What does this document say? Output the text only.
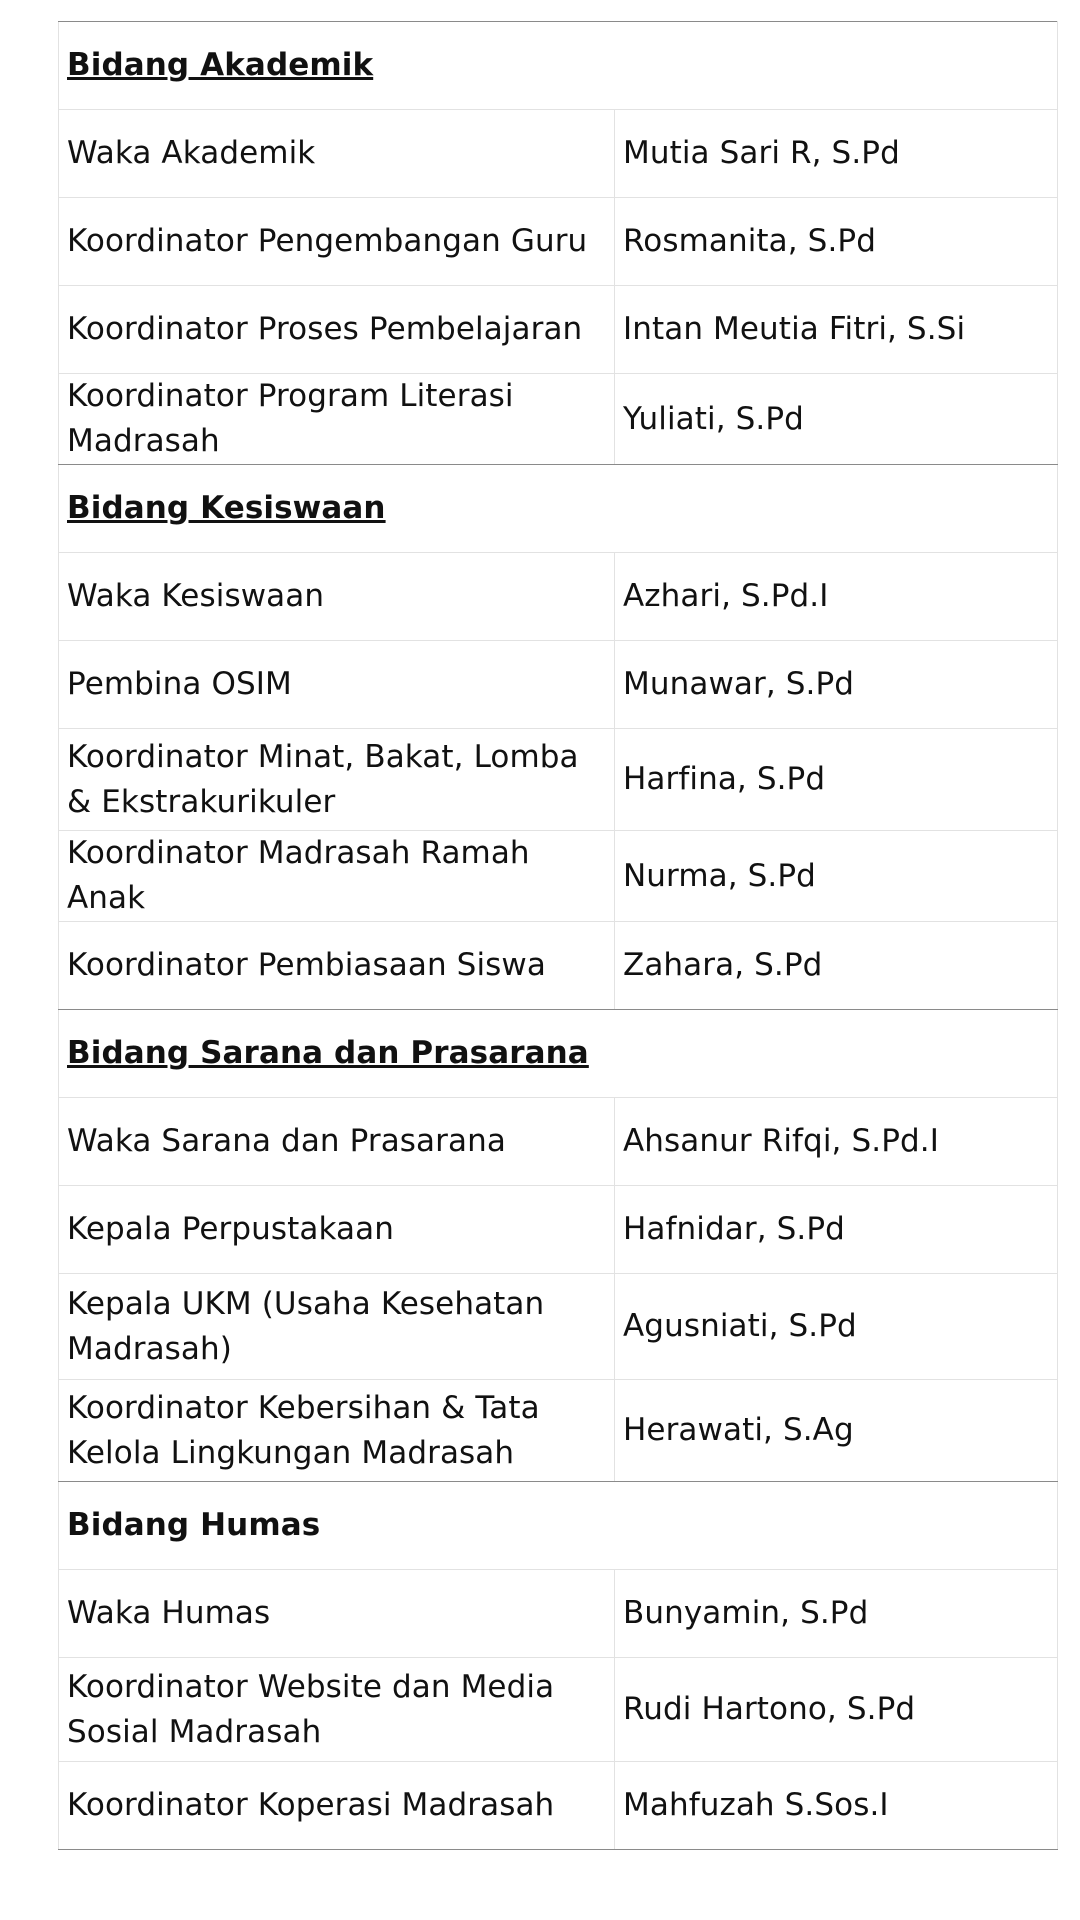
Bidang Akademik	
Waka Akademik	Mutia Sari R, S.Pd
Koordinator Pengembangan Guru	Rosmanita, S.Pd
Koordinator Proses Pembelajaran	Intan Meutia Fitri, S.Si
Koordinator Program Literasi Madrasah	Yuliati, S.Pd
Bidang Kesiswaan	
Waka Kesiswaan	Azhari, S.Pd.I
Pembina OSIM	Munawar, S.Pd
Koordinator Minat, Bakat, Lomba & Ekstrakurikuler	Harfina, S.Pd
Koordinator Madrasah Ramah Anak	Nurma, S.Pd
Koordinator Pembiasaan Siswa	Zahara, S.Pd
Bidang Sarana dan Prasarana	
Waka Sarana dan Prasarana	Ahsanur Rifqi, S.Pd.I
Kepala Perpustakaan	Hafnidar, S.Pd
Kepala UKM (Usaha Kesehatan Madrasah)	Agusniati, S.Pd
Koordinator Kebersihan & Tata Kelola Lingkungan Madrasah	Herawati, S.Ag
Bidang Humas	
Waka Humas	Bunyamin, S.Pd
Koordinator Website dan Media Sosial Madrasah	Rudi Hartono, S.Pd
Koordinator Koperasi Madrasah	Mahfuzah S.Sos.I
